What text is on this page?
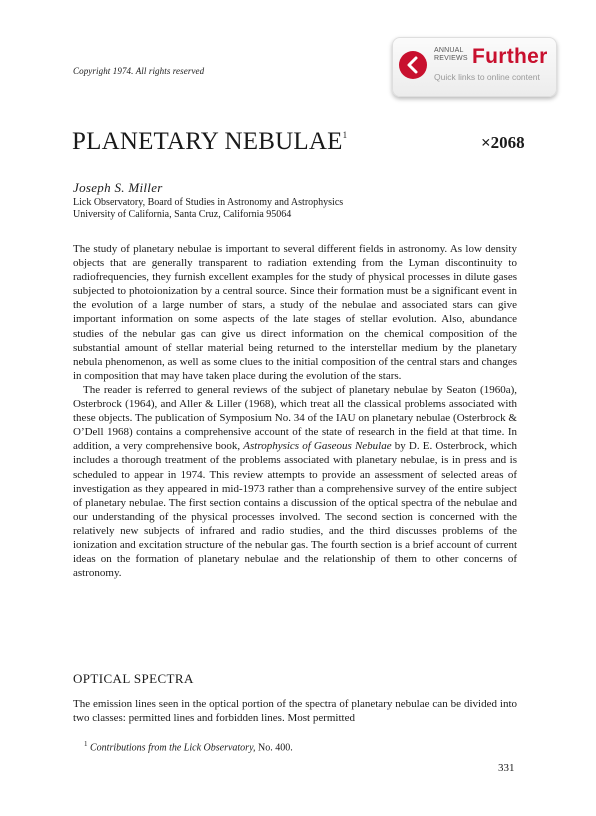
Copyright 1974. All rights reserved
ANNUAL
REVIEWS Further
Quick links to online content
PLANETARY $NEBULAE^1$	×2068
Joseph S. Miller
Lick Observatory, Board of Studies in Astronomy and Astrophysics
University of California, Santa Cruz, California 95064

The study of planetary nebulae is important to several different fields in astronomy. As low density objects that are generally transparent to radiation extending from the Lyman discontinuity to radiofrequencies, they furnish excellent examples for the study of physical processes in dilute gases subjected to photoionization by a central source. Since their formation must be a significant event in the evolution of a large number of stars, a study of the nebulae and associated stars can give important information on some aspects of the late stages of stellar evolution. Also, abundance studies of the nebular gas can give us direct information on the chemical composition of the substantial amount of stellar material being returned to the interstellar medium by the planetary nebula phenomenon, as well as some clues to the initial composition of the central stars and changes in composition that may have taken place during the evolution of the stars.

The reader is referred to general reviews of the subject of planetary nebulae by Seaton (1960a), Osterbrock (1964), and Aller & Liller (1968), which treat all the classical problems associated with these objects. The publication of Symposium No. 34 of the IAU on planetary nebulae (Osterbrock & O’Dell 1968) contains a comprehensive account of the state of research in the field at that time. In addition, a very comprehensive book, Astrophysics of Gaseous Nebulae by D. E. Osterbrock, which includes a thorough treatment of the problems associated with planetary nebulae, is in press and is scheduled to appear in 1974. This review attempts to provide an assessment of selected areas of investigation as they appeared in mid-1973 rather than a comprehensive survey of the entire subject of planetary nebulae. The first section contains a discussion of the optical spectra of the nebulae and our understanding of the physical processes involved. The second section is concerned with the relatively new subjects of infrared and radio studies, and the third discusses problems of the ionization and excitation structure of the nebular gas. The fourth section is a brief account of current ideas on the formation of planetary nebulae and the relationship of them to other concerns of astronomy.

OPTICAL SPECTRA

The emission lines seen in the optical portion of the spectra of planetary nebulae can be divided into two classes: permitted lines and forbidden lines. Most permitted

$^1$ Contributions from the Lick Observatory, No. 400.
331
